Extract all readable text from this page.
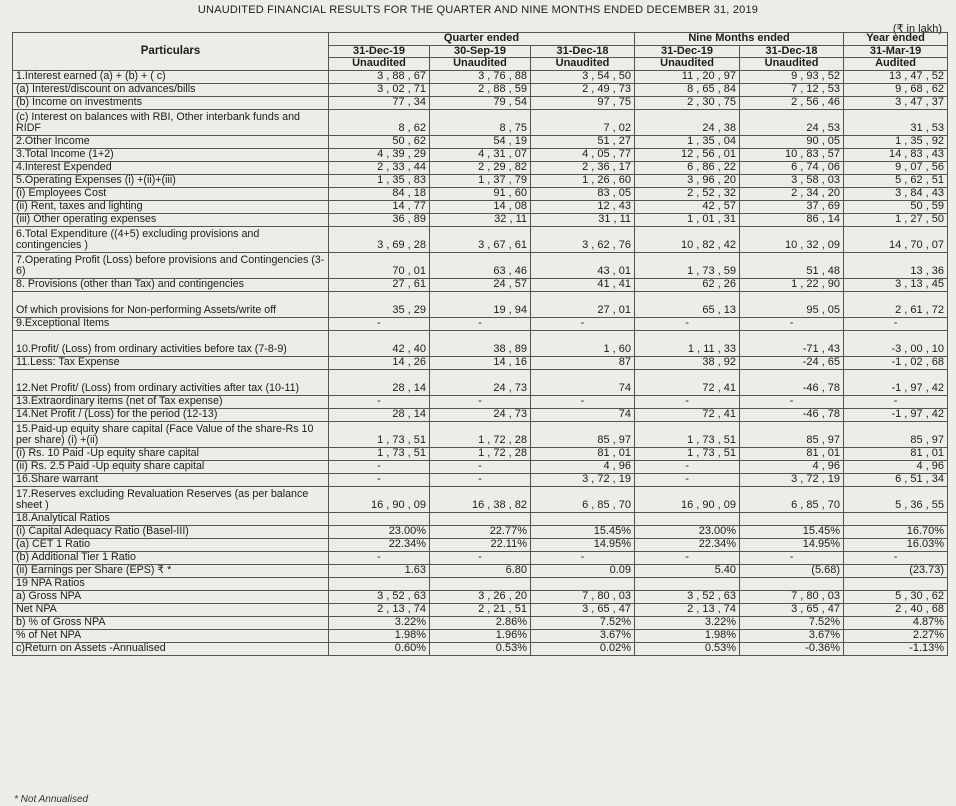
UNAUDITED FINANCIAL RESULTS FOR THE QUARTER AND NINE MONTHS ENDED DECEMBER 31, 2019
(₹ in lakh)
Particulars	Quarter ended			Nine Months ended		Year ended
	31-Dec-19	30-Sep-19	31-Dec-18	31-Dec-19	31-Dec-18	31-Mar-19
	Unaudited	Unaudited	Unaudited	Unaudited	Unaudited	Audited
1.Interest earned (a) + (b) + ( c)	3 , 88 , 67	3 , 76 , 88	3 , 54 , 50	11 , 20 , 97	9 , 93 , 52	13 , 47 , 52
(a) Interest/discount on advances/bills	3 , 02 , 71	2 , 88 , 59	2 , 49 , 73	8 , 65 , 84	7 , 12 , 53	9 , 68 , 62
(b) Income on investments	77 , 34	79 , 54	97 , 75	2 , 30 , 75	2 , 56 , 46	3 , 47 , 37
(c) Interest on balances with RBI, Other interbank funds and RIDF	8 , 62	8 , 75	7 , 02	24 , 38	24 , 53	31 , 53
2.Other Income	50 , 62	54 , 19	51 , 27	1 , 35 , 04	90 , 05	1 , 35 , 92
3.Total Income (1+2)	4 , 39 , 29	4 , 31 , 07	4 , 05 , 77	12 , 56 , 01	10 , 83 , 57	14 , 83 , 43
4.Interest Expended	2 , 33 , 44	2 , 29 , 82	2 , 36 , 17	6 , 86 , 22	6 , 74 , 06	9 , 07 , 56
5.Operating Expenses (i) +(ii)+(iii)	1 , 35 , 83	1 , 37 , 79	1 , 26 , 60	3 , 96 , 20	3 , 58 , 03	5 , 62 , 51
(i) Employees Cost	84 , 18	91 , 60	83 , 05	2 , 52 , 32	2 , 34 , 20	3 , 84 , 43
(ii) Rent, taxes and lighting	14 , 77	14 , 08	12 , 43	42 , 57	37 , 69	50 , 59
(iii) Other operating expenses	36 , 89	32 , 11	31 , 11	1 , 01 , 31	86 , 14	1 , 27 , 50
6.Total Expenditure ((4+5) excluding provisions and contingencies )	3 , 69 , 28	3 , 67 , 61	3 , 62 , 76	10 , 82 , 42	10 , 32 , 09	14 , 70 , 07
7.Operating Profit (Loss) before provisions and Contingencies (3-6)	70 , 01	63 , 46	43 , 01	1 , 73 , 59	51 , 48	13 , 36
8. Provisions (other than Tax) and contingencies	27 , 61	24 , 57	41 , 41	62 , 26	1 , 22 , 90	3 , 13 , 45
Of which provisions for Non-performing Assets/write off	35 , 29	19 , 94	27 , 01	65 , 13	95 , 05	2 , 61 , 72
9.Exceptional Items	-	-	-	-	-	-
10.Profit/ (Loss) from ordinary activities before tax (7-8-9)	42 , 40	38 , 89	1 , 60	1 , 11 , 33	-71 , 43	-3 , 00 , 10
11.Less: Tax Expense	14 , 26	14 , 16	87	38 , 92	-24 , 65	-1 , 02 , 68
12.Net Profit/ (Loss) from ordinary activities after tax (10-11)	28 , 14	24 , 73	74	72 , 41	-46 , 78	-1 , 97 , 42
13.Extraordinary items (net of Tax expense)	-	-	-	-	-	-
14.Net Profit / (Loss) for the period (12-13)	28 , 14	24 , 73	74	72 , 41	-46 , 78	-1 , 97 , 42
15.Paid-up equity share capital (Face Value of the share-Rs 10 per share) (i) +(ii)	1 , 73 , 51	1 , 72 , 28	85 , 97	1 , 73 , 51	85 , 97	85 , 97
(i) Rs. 10 Paid -Up equity share capital	1 , 73 , 51	1 , 72 , 28	81 , 01	1 , 73 , 51	81 , 01	81 , 01
(ii) Rs. 2.5 Paid -Up equity share capital	-	-	4 , 96	-	4 , 96	4 , 96
16.Share warrant	-	-	3 , 72 , 19	-	3 , 72 , 19	6 , 51 , 34
17.Reserves excluding Revaluation Reserves (as per balance sheet )	16 , 90 , 09	16 , 38 , 82	6 , 85 , 70	16 , 90 , 09	6 , 85 , 70	5 , 36 , 55
18.Analytical Ratios						
(i) Capital Adequacy Ratio (Basel-III)	23.00%	22.77%	15.45%	23.00%	15.45%	16.70%
(a) CET 1 Ratio	22.34%	22.11%	14.95%	22.34%	14.95%	16.03%
(b) Additional Tier 1 Ratio	-	-	-	-	-	-
(ii) Earnings per Share (EPS) ₹ *	1.63	6.80	0.09	5.40	(5.68)	(23.73)
19 NPA Ratios						
a) Gross NPA	3 , 52 , 63	3 , 26 , 20	7 , 80 , 03	3 , 52 , 63	7 , 80 , 03	5 , 30 , 62
Net NPA	2 , 13 , 74	2 , 21 , 51	3 , 65 , 47	2 , 13 , 74	3 , 65 , 47	2 , 40 , 68
b) % of Gross NPA	3.22%	2.86%	7.52%	3.22%	7.52%	4.87%
% of Net NPA	1.98%	1.96%	3.67%	1.98%	3.67%	2.27%
c)Return on Assets -Annualised	0.60%	0.53%	0.02%	0.53%	-0.36%	-1.13%
* Not Annualised
